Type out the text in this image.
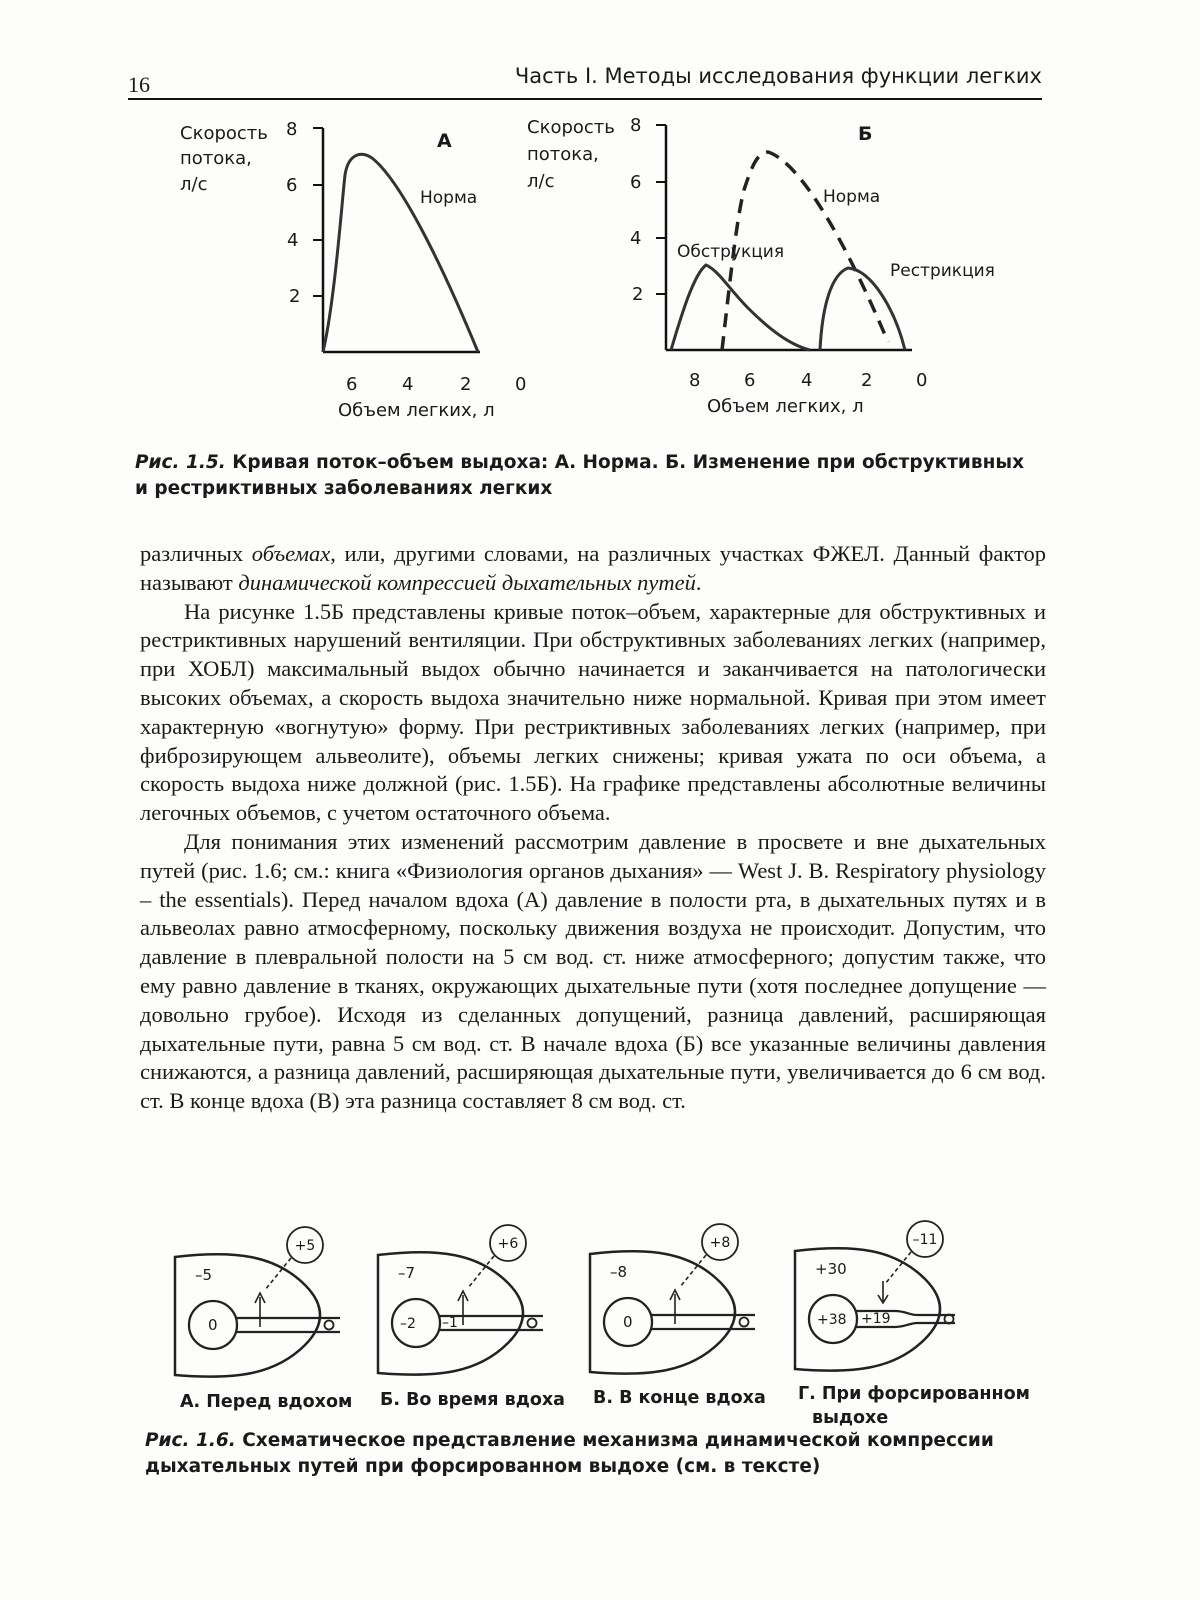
16	Часть I. Методы исследования функции легких
Скорость
потока,
л/с
А
8
6
4
2
6 4	2 0
Объем легких, л
Норма
Скорость
потока,
л/с
Б
8
6
4
2
8 6	4	2 0
Объем легких, л
Норма
Обструкция
Рестрикция
Рис. 1.5. Кривая поток–объем выдоха: А. Норма. Б. Изменение при обструктивных и рестриктивных заболеваниях легких

различных объемах, или, другими словами, на различных участках ФЖЕЛ. Данный фактор называют динамической компрессией дыхательных путей.

На рисунке 1.5Б представлены кривые поток–объем, характерные для обструктивных и рестриктивных нарушений вентиляции. При обструктивных заболеваниях легких (например, при ХОБЛ) максимальный выдох обычно начинается и заканчивается на патологически высоких объемах, а скорость выдоха значительно ниже нормальной. Кривая при этом имеет характерную «вогнутую» форму. При рестриктивных заболеваниях легких (например, при фиброзирующем альвеолите), объемы легких снижены; кривая ужата по оси объема, а скорость выдоха ниже должной (рис. 1.5Б). На графике представлены абсолютные величины легочных объемов, с учетом остаточного объема.

Для понимания этих изменений рассмотрим давление в просвете и вне дыхательных путей (рис. 1.6; см.: книга «Физиология органов дыхания» — West J. B. Respiratory physiology – the essentials). Перед началом вдоха (А) давление в полости рта, в дыхательных путях и в альвеолах равно атмосферному, поскольку движения воздуха не происходит. Допустим, что давление в плевральной полости на 5 см вод. ст. ниже атмосферного; допустим также, что ему равно давление в тканях, окружающих дыхательные пути (хотя последнее допущение — довольно грубое). Исходя из сделанных допущений, разница давлений, расширяющая дыхательные пути, равна 5 см вод. ст. В начале вдоха (Б) все указанные величины давления снижаются, а разница давлений, расширяющая дыхательные пути, увеличивается до 6 см вод. ст. В конце вдоха (В) эта разница составляет 8 см вод. ст.

+5
–5
0
+6
–7
–2 –1
+8
–8
0
–11
+30
+38 +19
А. Перед вдохом Б. Во время вдоха В. В конце вдоха Г. При форсированном
выдохе
Рис. 1.6. Схематическое представление механизма динамической компрессии дыхательных путей при форсированном выдохе (см. в тексте)
